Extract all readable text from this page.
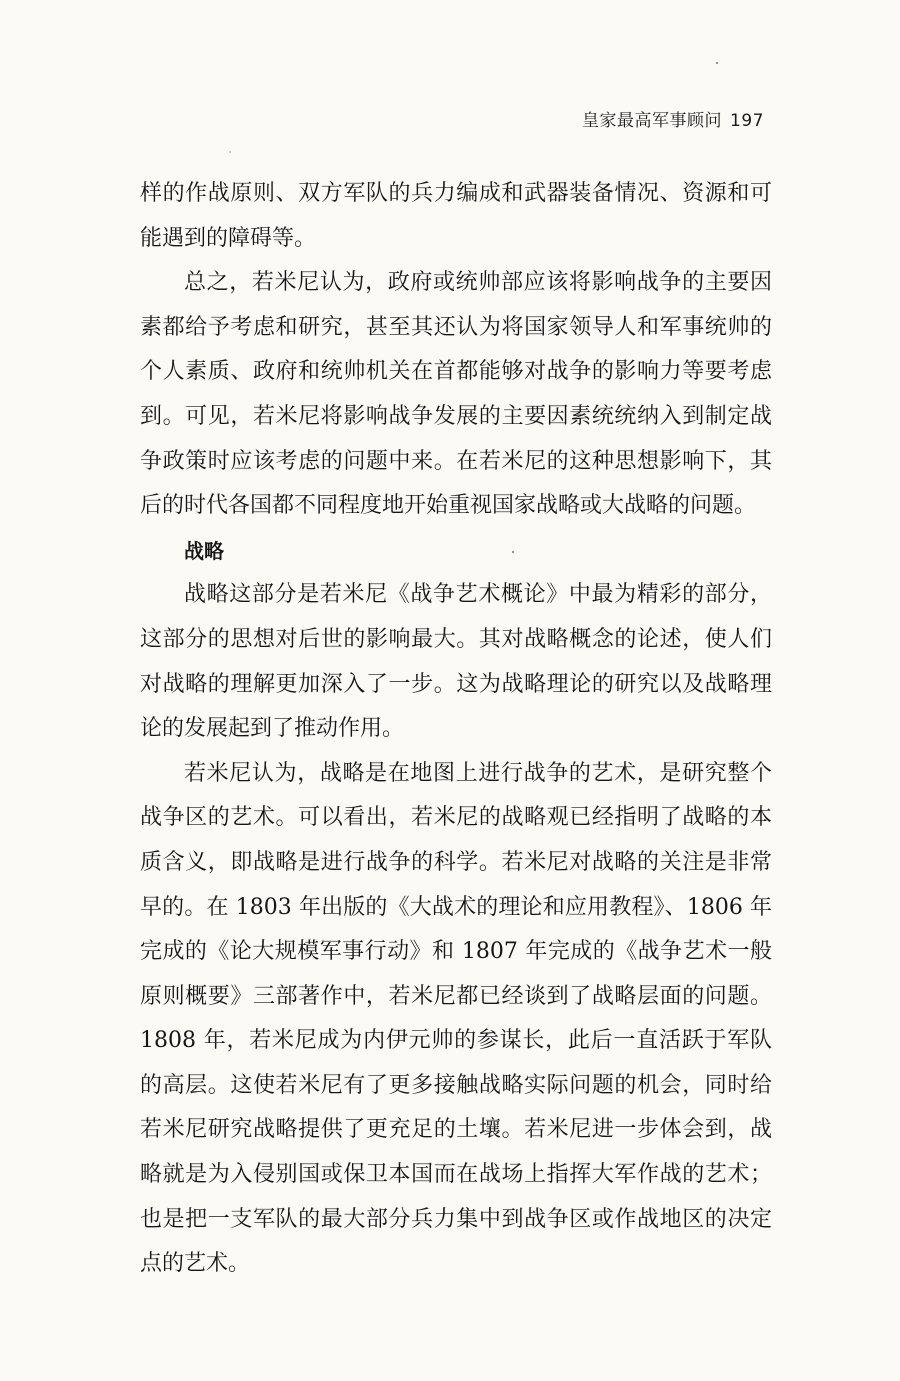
皇家最高军事顾问 197

样的作战原则、双方军队的兵力编成和武器装备情况、资源和可能遇到的障碍等。

总之，若米尼认为，政府或统帅部应该将影响战争的主要因素都给予考虑和研究，甚至其还认为将国家领导人和军事统帅的个人素质、政府和统帅机关在首都能够对战争的影响力等要考虑到。可见，若米尼将影响战争发展的主要因素统统纳入到制定战争政策时应该考虑的问题中来。在若米尼的这种思想影响下，其后的时代各国都不同程度地开始重视国家战略或大战略的问题。

战略

战略这部分是若米尼《战争艺术概论》中最为精彩的部分，这部分的思想对后世的影响最大。其对战略概念的论述，使人们对战略的理解更加深入了一步。这为战略理论的研究以及战略理论的发展起到了推动作用。

若米尼认为，战略是在地图上进行战争的艺术，是研究整个战争区的艺术。可以看出，若米尼的战略观已经指明了战略的本质含义，即战略是进行战争的科学。若米尼对战略的关注是非常早的。在 1803 年出版的《大战术的理论和应用教程》、1806 年完成的《论大规模军事行动》和 1807 年完成的《战争艺术一般原则概要》三部著作中，若米尼都已经谈到了战略层面的问题。1808 年，若米尼成为内伊元帅的参谋长，此后一直活跃于军队的高层。这使若米尼有了更多接触战略实际问题的机会，同时给若米尼研究战略提供了更充足的土壤。若米尼进一步体会到，战略就是为入侵别国或保卫本国而在战场上指挥大军作战的艺术；也是把一支军队的最大部分兵力集中到战争区或作战地区的决定点的艺术。
